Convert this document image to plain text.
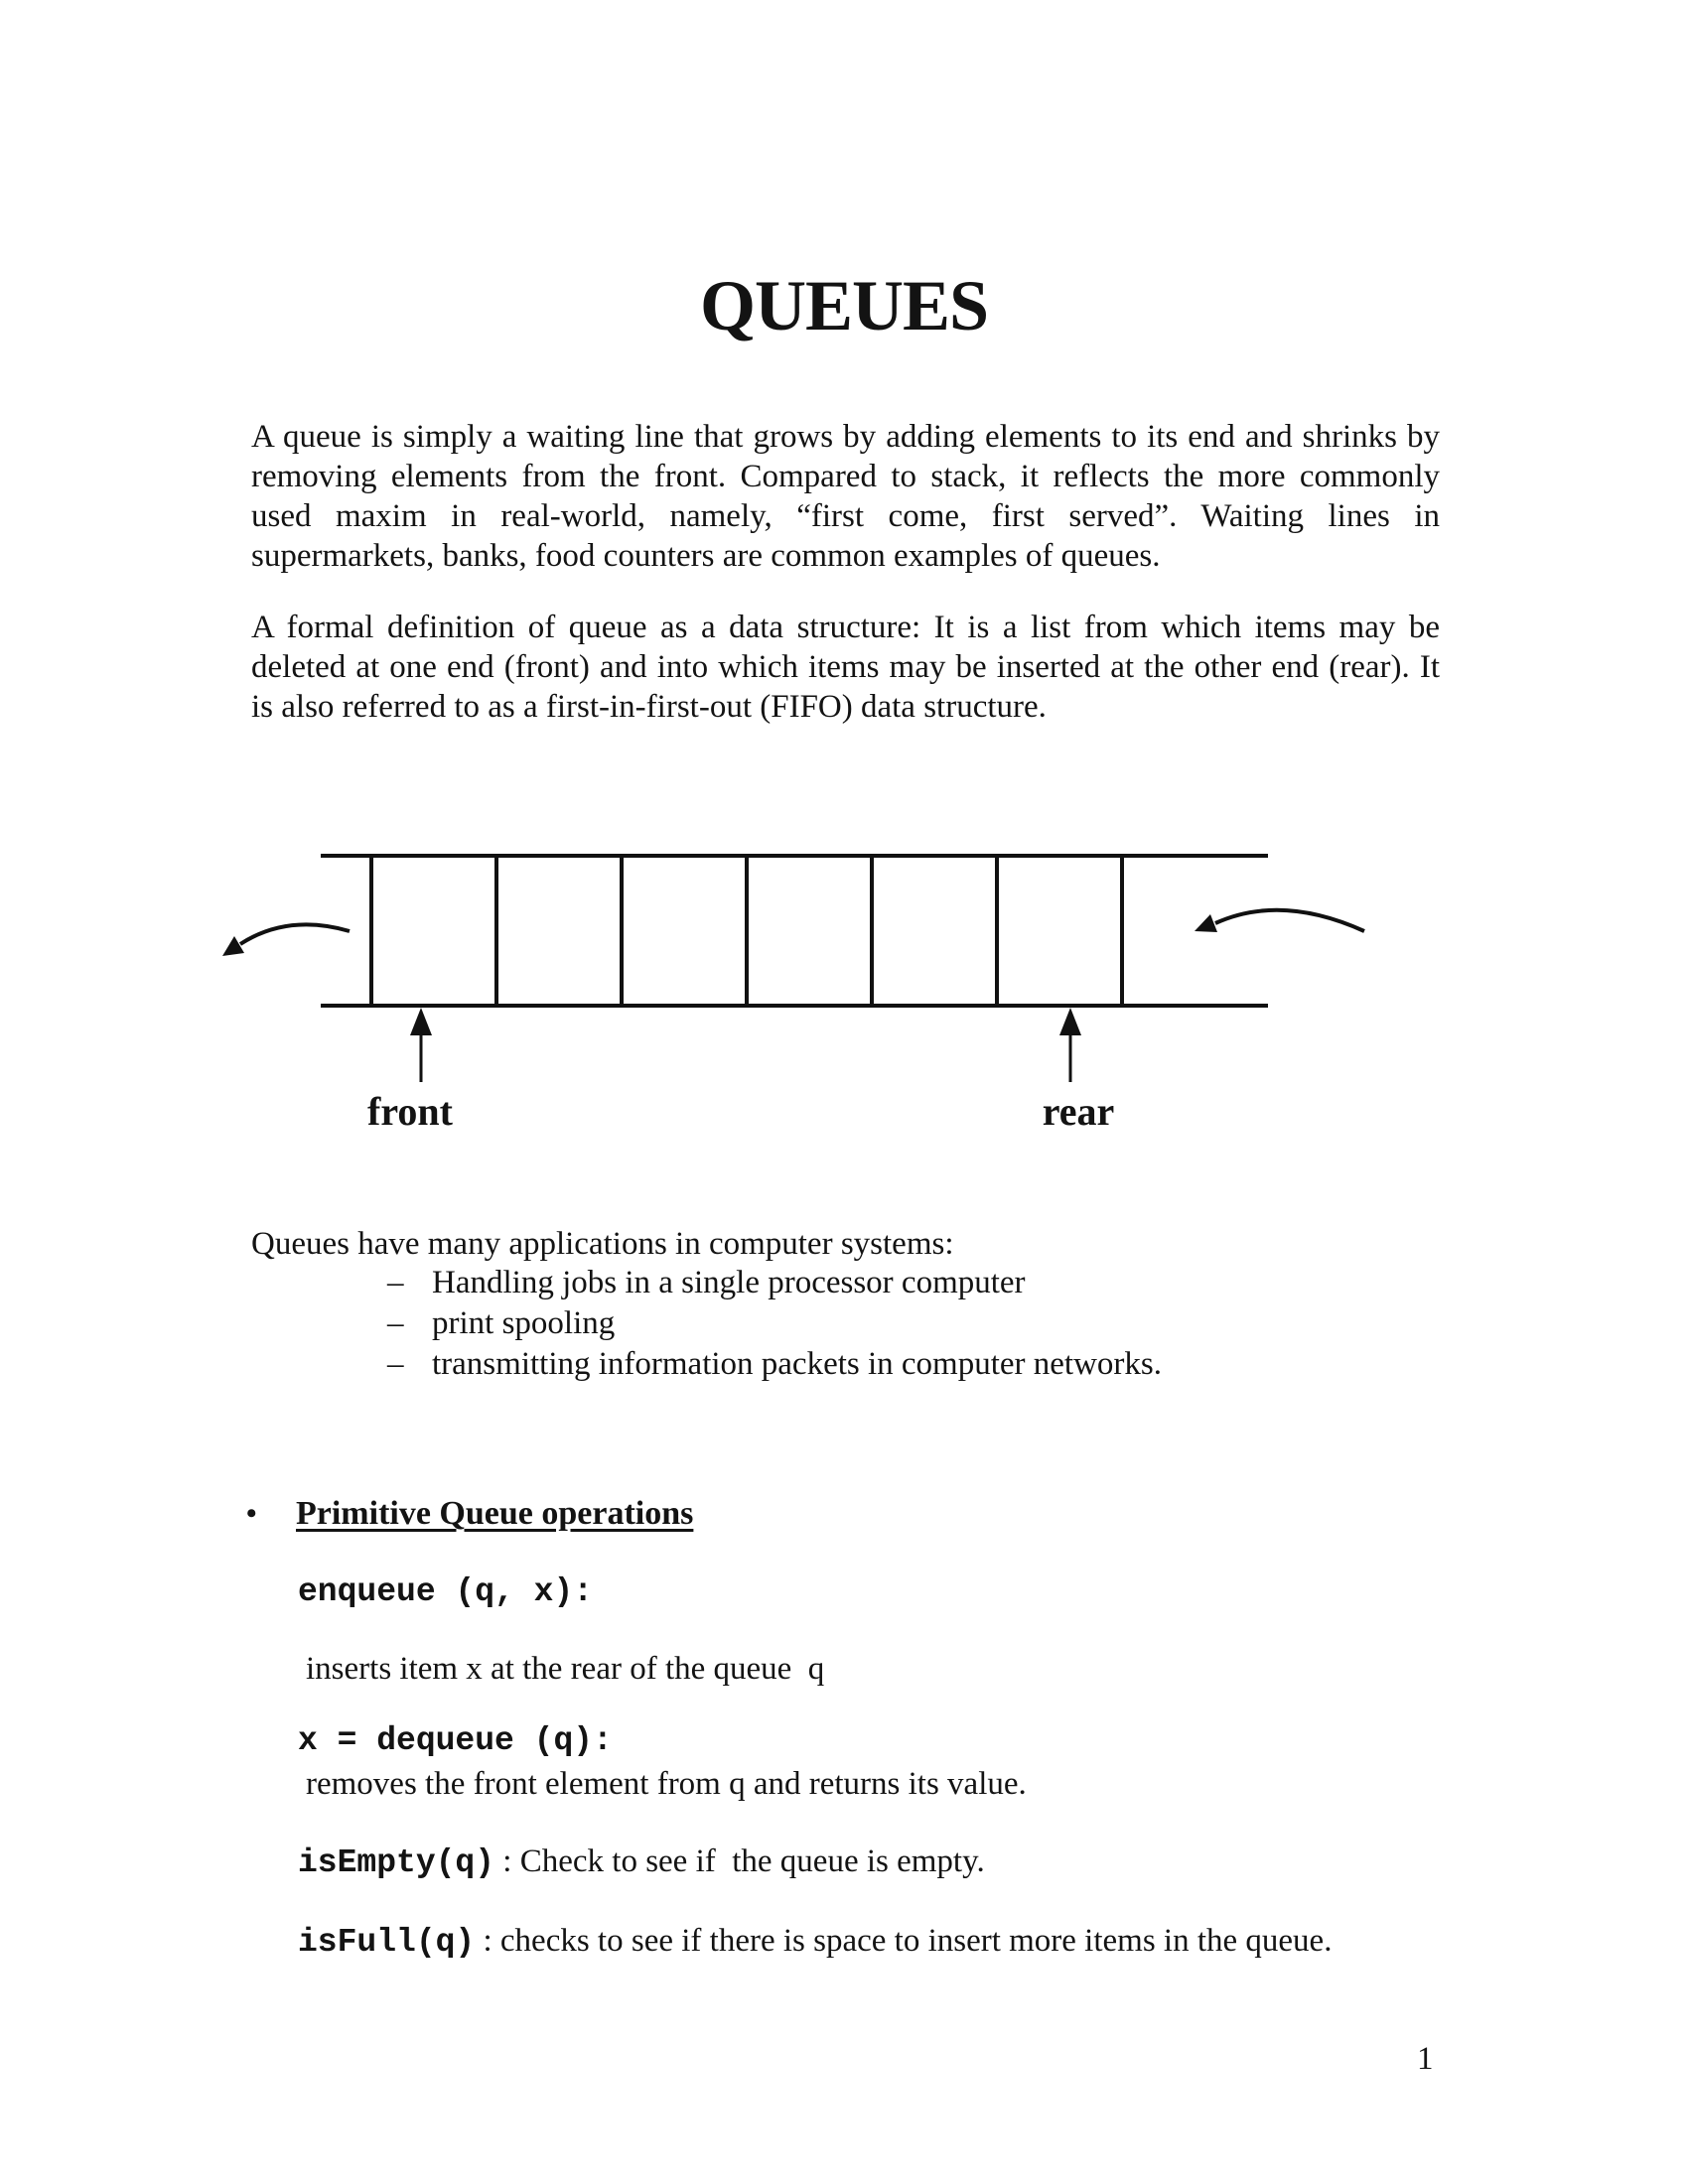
QUEUES
A queue is simply a waiting line that grows by adding elements to its end and shrinks by
removing elements from the front. Compared to stack, it reflects the more commonly
used maxim in real-world, namely, “first come, first served”. Waiting lines in
supermarkets, banks, food counters are common examples of queues.
A formal definition of queue as a data structure: It is a list from which items may be
deleted at one end (front) and into which items may be inserted at the other end (rear). It
is also referred to as a first-in-first-out (FIFO) data structure.
front	rear
Queues have many applications in computer systems:
– Handling jobs in a single processor computer
– print spooling
– transmitting information packets in computer networks.
•	Primitive Queue operations
enqueue (q, x):
inserts item x at the rear of the queue  q
x = dequeue (q):
removes the front element from q and returns its value.
isEmpty(q) : Check to see if  the queue is empty.
isFull(q) : checks to see if there is space to insert more items in the queue.
1
